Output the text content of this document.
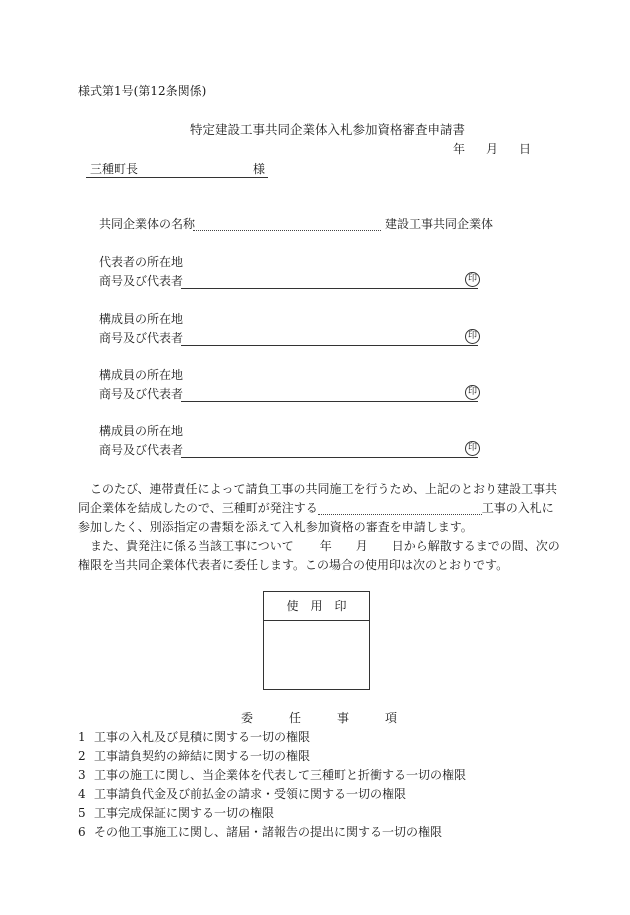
様式第1号(第12条関係)
特定建設工事共同企業体入札参加資格審査申請書
年 月 日
三種町長	様
共同企業体の名称	建設工事共同企業体
代表者の所在地
商号及び代表者	印
構成員の所在地
商号及び代表者	印
構成員の所在地
商号及び代表者	印
構成員の所在地
商号及び代表者	印
このたび、連帯責任によって請負工事の共同施工を行うため、上記のとおり建設工事共
同企業体を結成したので、三種町が発注する	工事の入札に
参加したく、別添指定の書類を添えて入札参加資格の審査を申請します。
また、貴発注に係る当該工事について 年 月 日から解散するまでの間、次の
権限を当共同企業体代表者に委任します。この場合の使用印は次のとおりです。
使　用　印
委　　　任　　　事　　　項
1 工事の入札及び見積に関する一切の権限
2 工事請負契約の締結に関する一切の権限
3 工事の施工に関し、当企業体を代表して三種町と折衝する一切の権限
4 工事請負代金及び前払金の請求・受領に関する一切の権限
5 工事完成保証に関する一切の権限
6 その他工事施工に関し、諸届・諸報告の提出に関する一切の権限
